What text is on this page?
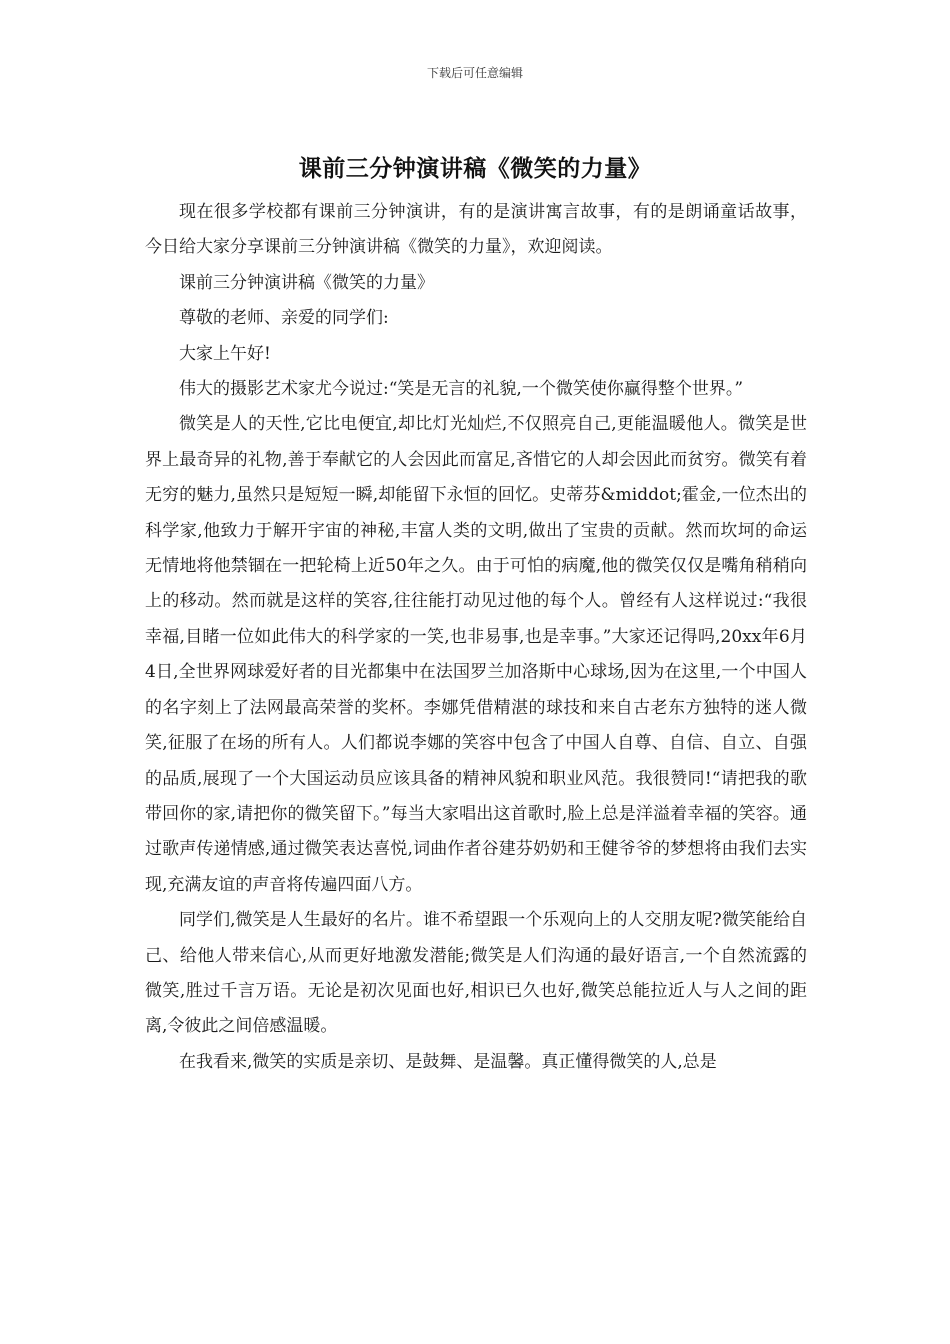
下载后可任意编辑
课前三分钟演讲稿《微笑的力量》

现在很多学校都有课前三分钟演讲，有的是演讲寓言故事，有的是朗诵童话故事，今日给大家分享课前三分钟演讲稿《微笑的力量》，欢迎阅读。

课前三分钟演讲稿《微笑的力量》

尊敬的老师、亲爱的同学们:

大家上午好!

伟大的摄影艺术家尤今说过:“笑是无言的礼貌,一个微笑使你赢得整个世界。”

微笑是人的天性,它比电便宜,却比灯光灿烂,不仅照亮自己,更能温暖他人。微笑是世界上最奇异的礼物,善于奉献它的人会因此而富足,吝惜它的人却会因此而贫穷。微笑有着无穷的魅力,虽然只是短短一瞬,却能留下永恒的回忆。史蒂芬&middot;霍金,一位杰出的科学家,他致力于解开宇宙的神秘,丰富人类的文明,做出了宝贵的贡献。然而坎坷的命运无情地将他禁锢在一把轮椅上近50年之久。由于可怕的病魔,他的微笑仅仅是嘴角稍稍向上的移动。然而就是这样的笑容,往往能打动见过他的每个人。曾经有人这样说过:“我很幸福,目睹一位如此伟大的科学家的一笑,也非易事,也是幸事。”大家还记得吗,20xx年6月4日,全世界网球爱好者的目光都集中在法国罗兰加洛斯中心球场,因为在这里,一个中国人的名字刻上了法网最高荣誉的奖杯。李娜凭借精湛的球技和来自古老东方独特的迷人微笑,征服了在场的所有人。人们都说李娜的笑容中包含了中国人自尊、自信、自立、自强的品质,展现了一个大国运动员应该具备的精神风貌和职业风范。我很赞同!“请把我的歌带回你的家,请把你的微笑留下。”每当大家唱出这首歌时,脸上总是洋溢着幸福的笑容。通过歌声传递情感,通过微笑表达喜悦,词曲作者谷建芬奶奶和王健爷爷的梦想将由我们去实现,充满友谊的声音将传遍四面八方。

同学们,微笑是人生最好的名片。谁不希望跟一个乐观向上的人交朋友呢?微笑能给自己、给他人带来信心,从而更好地激发潜能;微笑是人们沟通的最好语言,一个自然流露的微笑,胜过千言万语。无论是初次见面也好,相识已久也好,微笑总能拉近人与人之间的距离,令彼此之间倍感温暖。

在我看来,微笑的实质是亲切、是鼓舞、是温馨。真正懂得微笑的人,总是
